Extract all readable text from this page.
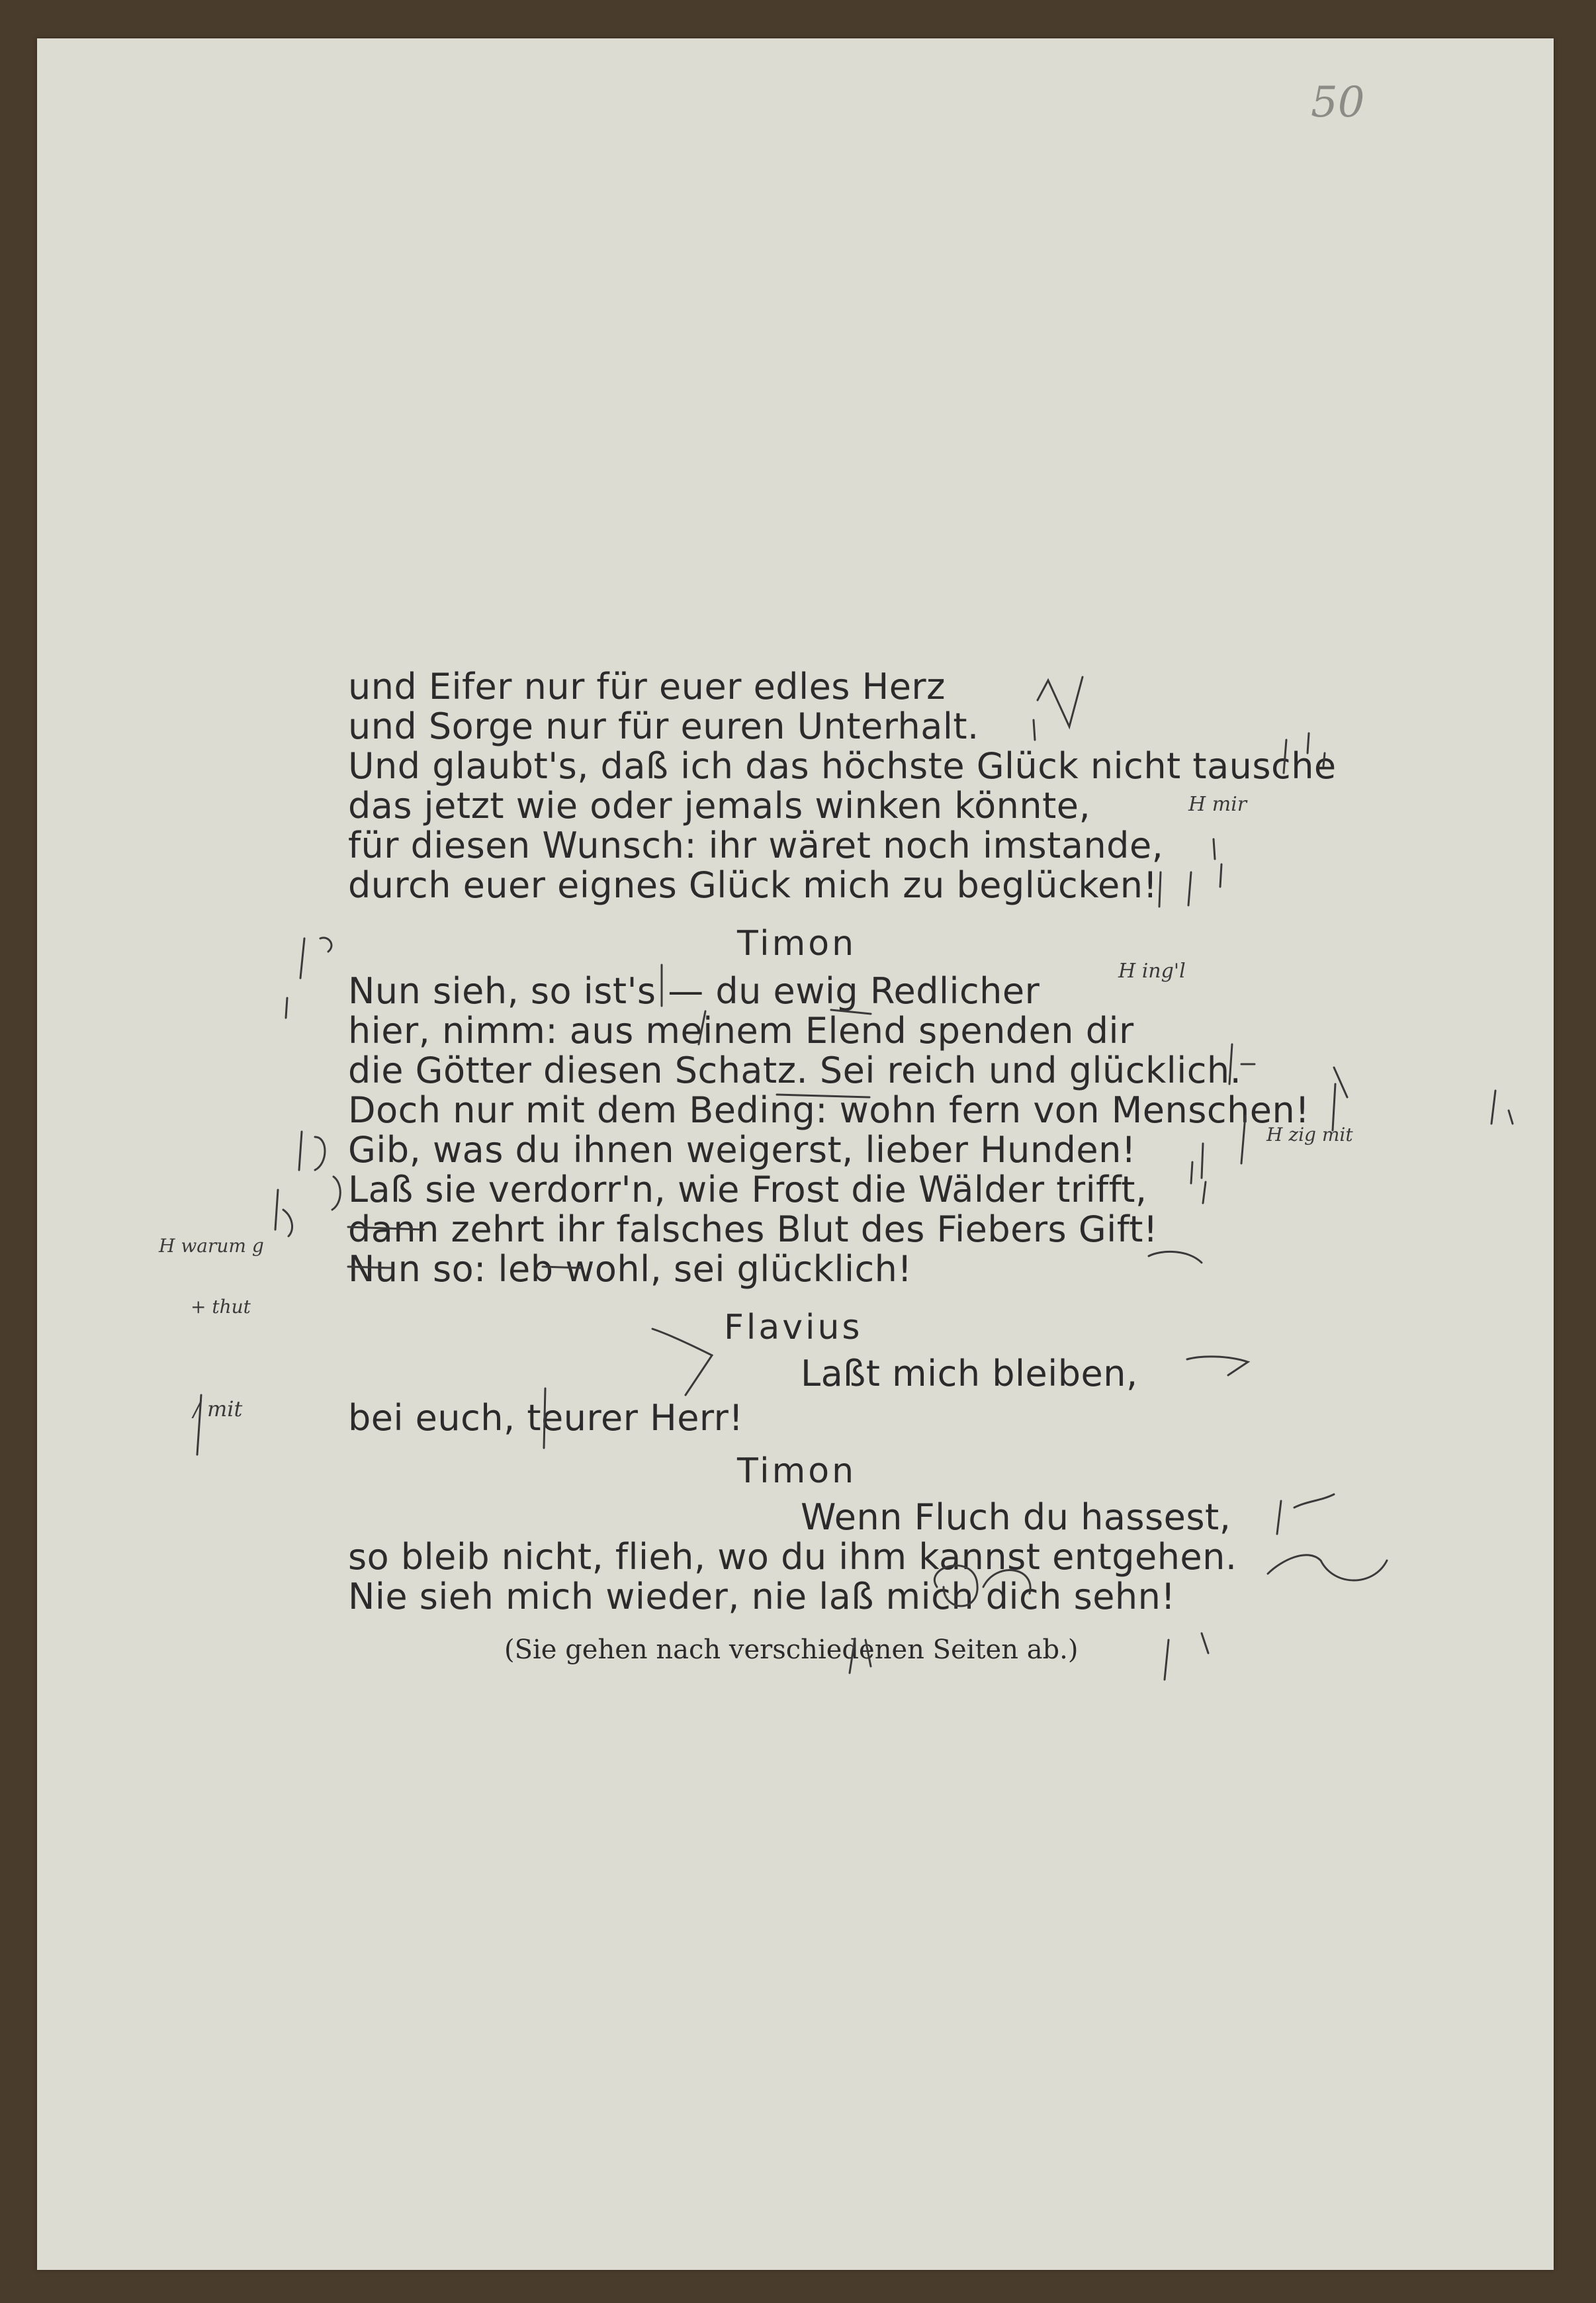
50

und Eifer nur für euer edles Herz

und Sorge nur für euren Unterhalt.

Und glaubt's, daß ich das höchste Glück nicht tausche

das jetzt wie oder jemals winken könnte,

für diesen Wunsch: ihr wäret noch imstande,

durch euer eignes Glück mich zu beglücken!

Timon

Nun sieh, so ist's — du ewig Redlicher

hier, nimm: aus meinem Elend spenden dir

die Götter diesen Schatz. Sei reich und glücklich.

Doch nur mit dem Beding: wohn fern von Menschen!

Gib, was du ihnen weigerst, lieber Hunden!

Laß sie verdorr'n, wie Frost die Wälder trifft,

dann zehrt ihr falsches Blut des Fiebers Gift!

Nun so: leb wohl, sei glücklich!

Flavius

Laßt mich bleiben,

bei euch, teurer Herr!

Timon

Wenn Fluch du hassest,

so bleib nicht, flieh, wo du ihm kannst entgehen.

Nie sieh mich wieder, nie laß mich dich sehn!

(Sie gehen nach verschiedenen Seiten ab.)

H mir
H ing'l
H zig mit
H warum g
+ thut
/ mit
